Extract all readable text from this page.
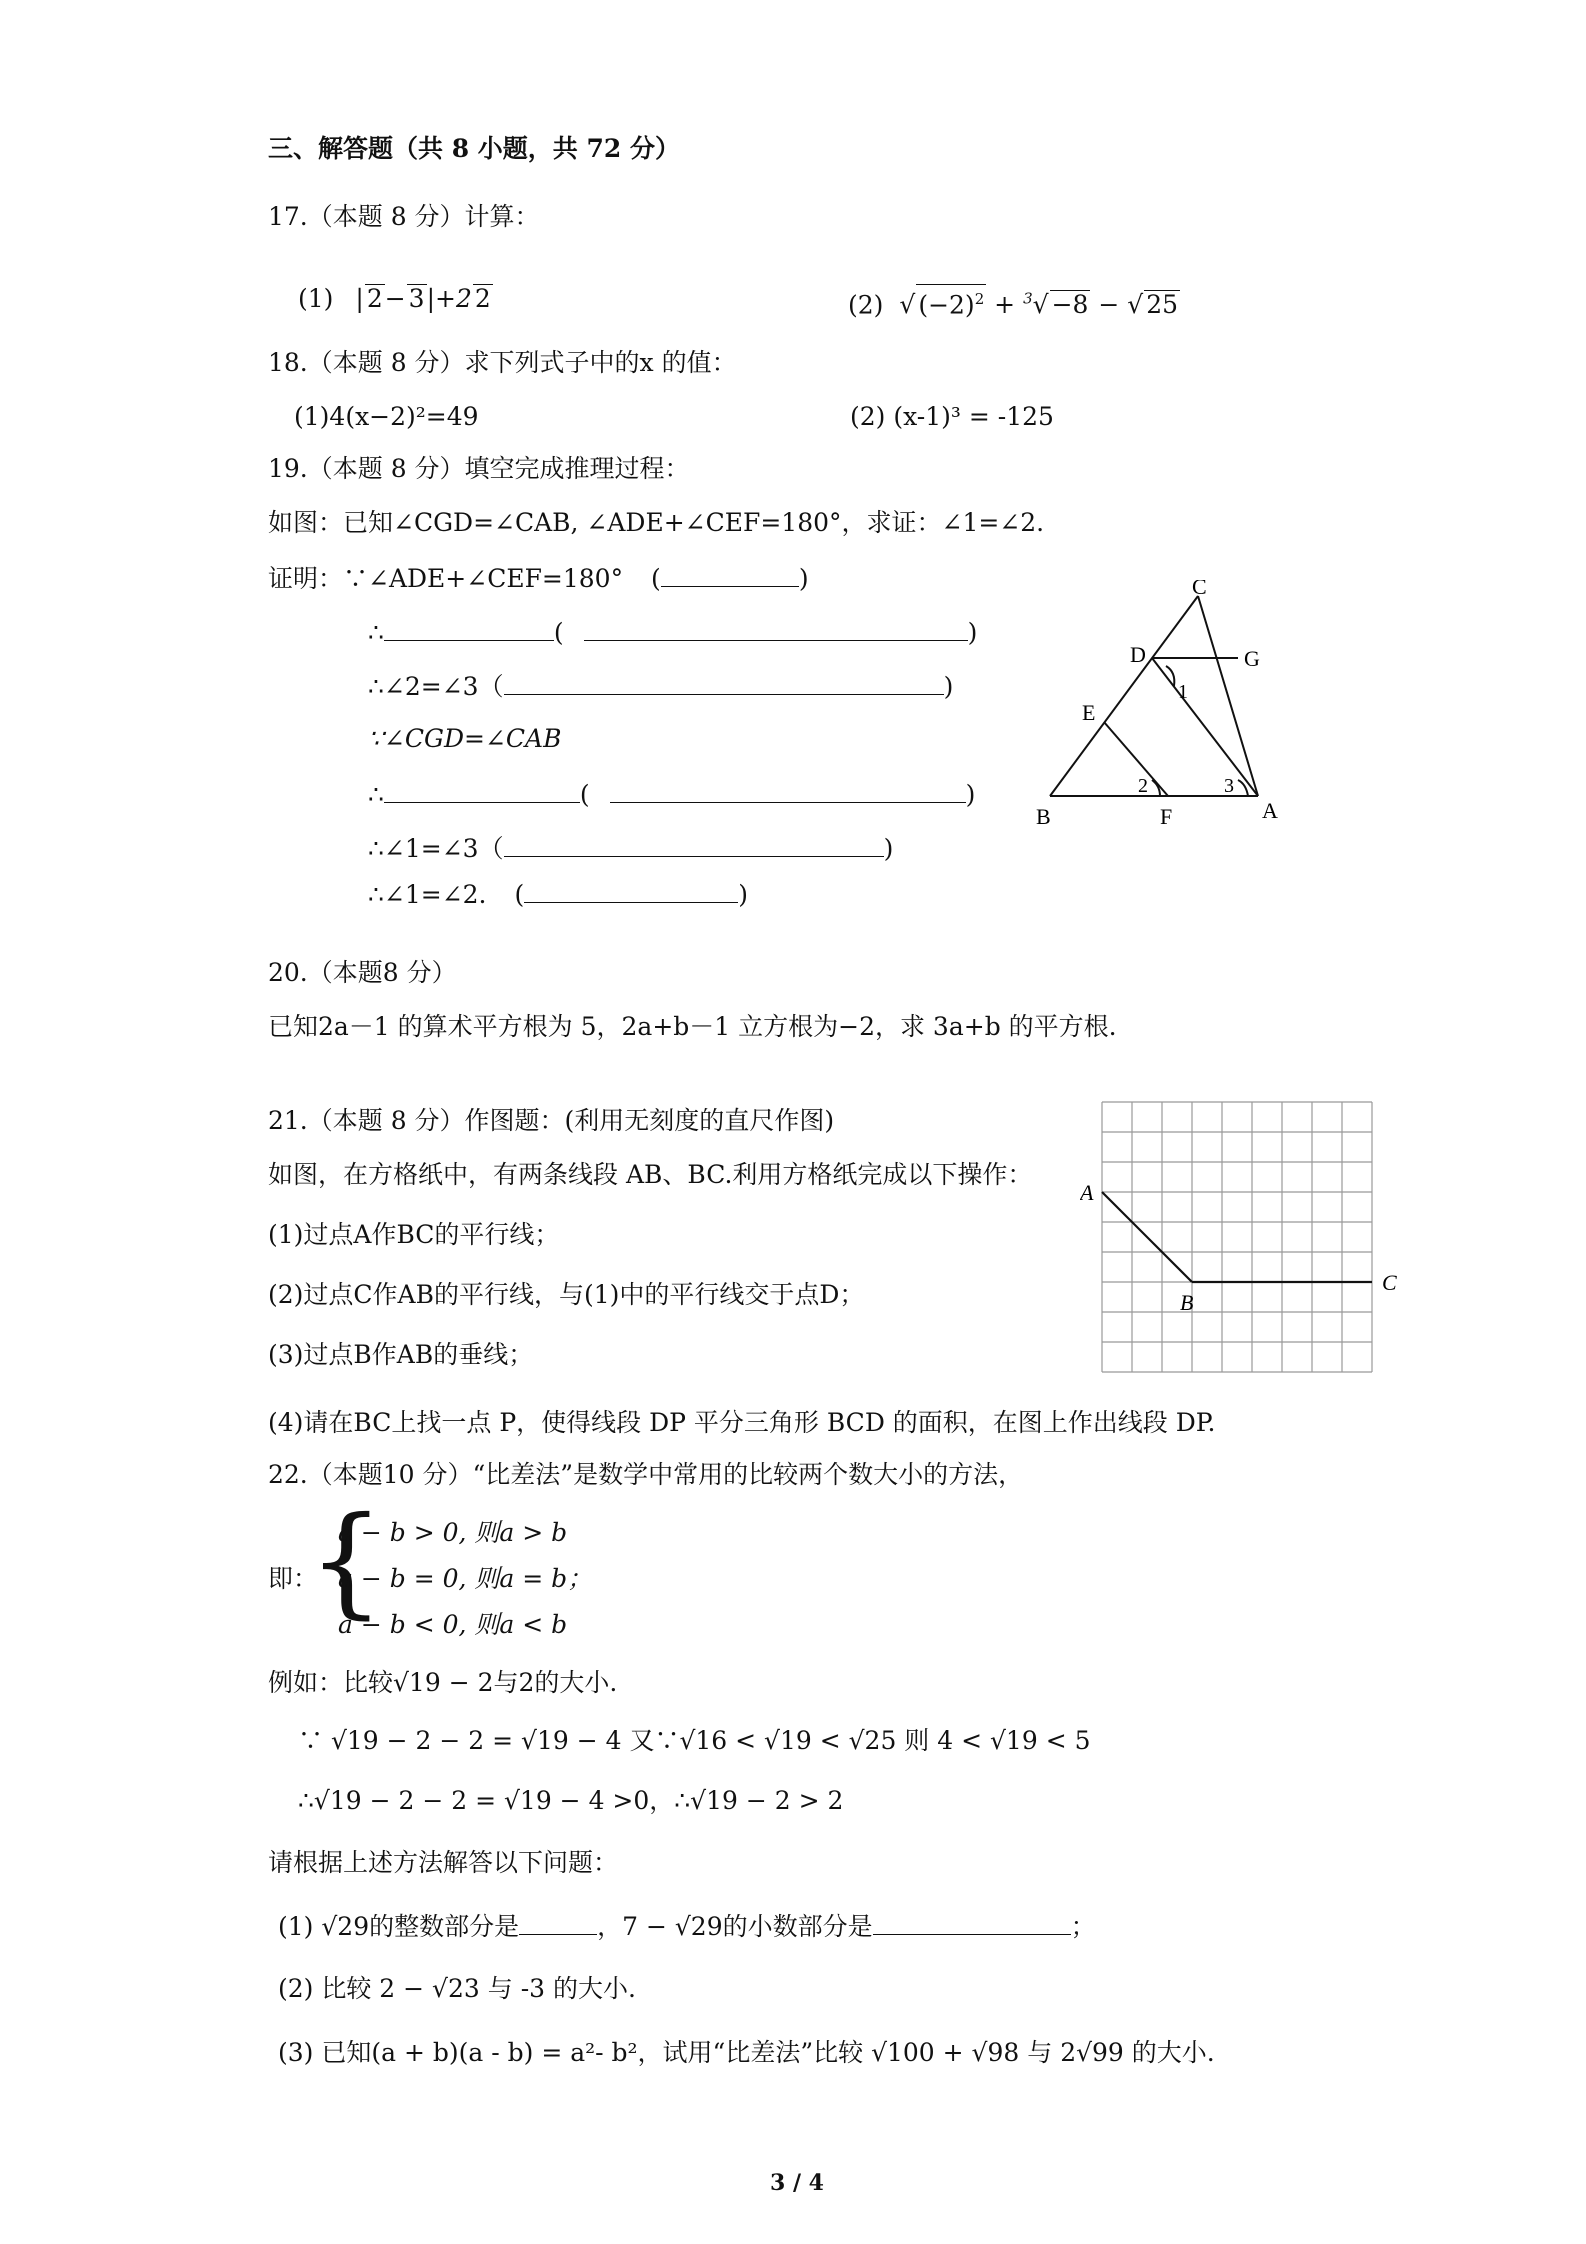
三、解答题（共 8 小题，共 72 分）
17.（本题 8 分）计算：
(1) | 2− 3|+2 2	(2) √ $(-2)^2 + ^3√ -8$ − √ 25
18.（本题 8 分）求下列式子中的x 的值：
(1)4(x−2)²=49	(2) (x-1)³ = -125
19.（本题 8 分）填空完成推理过程：
如图：已知∠CGD=∠CAB, ∠ADE+∠CEF=180°，求证：∠1=∠2.
证明：∵∠ADE+∠CEF=180° (	)
∴	(	)
∴∠2=∠3（	)
∵∠CGD=∠CAB
∴	(	)
∴∠1=∠3（	)
∴∠1=∠2. (	)
C
D	G
E
B	F	A
1
2	3
20.（本题8 分）
已知2a－1 的算术平方根为 5，2a+b－1 立方根为−2，求 3a+b 的平方根.
21.（本题 8 分）作图题：(利用无刻度的直尺作图)
如图，在方格纸中，有两条线段 AB、BC.利用方格纸完成以下操作：
(1)过点A作BC的平行线；
(2)过点C作AB的平行线，与(1)中的平行线交于点D；
(3)过点B作AB的垂线；
(4)请在BC上找一点 P，使得线段 DP 平分三角形 BCD 的面积，在图上作出线段 DP.
A
B
C
22.（本题10 分）“比差法”是数学中常用的比较两个数大小的方法，
即：
{
a − b > 0, 则a > b
a − b = 0, 则a = b；
a − b < 0, 则a < b
例如：比较√19 − 2与2的大小.
∵ √19 − 2 − 2 = √19 − 4 又∵√16 < √19 < √25 则 4 < √19 < 5
∴√19 − 2 − 2 = √19 − 4 >0，∴√19 − 2 > 2
请根据上述方法解答以下问题：
(1) √29的整数部分是	，7 − √29的小数部分是	；
(2) 比较 2 − √23 与 -3 的大小.
(3) 已知(a + b)(a - b) = a²- b²，试用“比差法”比较 √100 + √98 与 2√99 的大小.
3 / 4
